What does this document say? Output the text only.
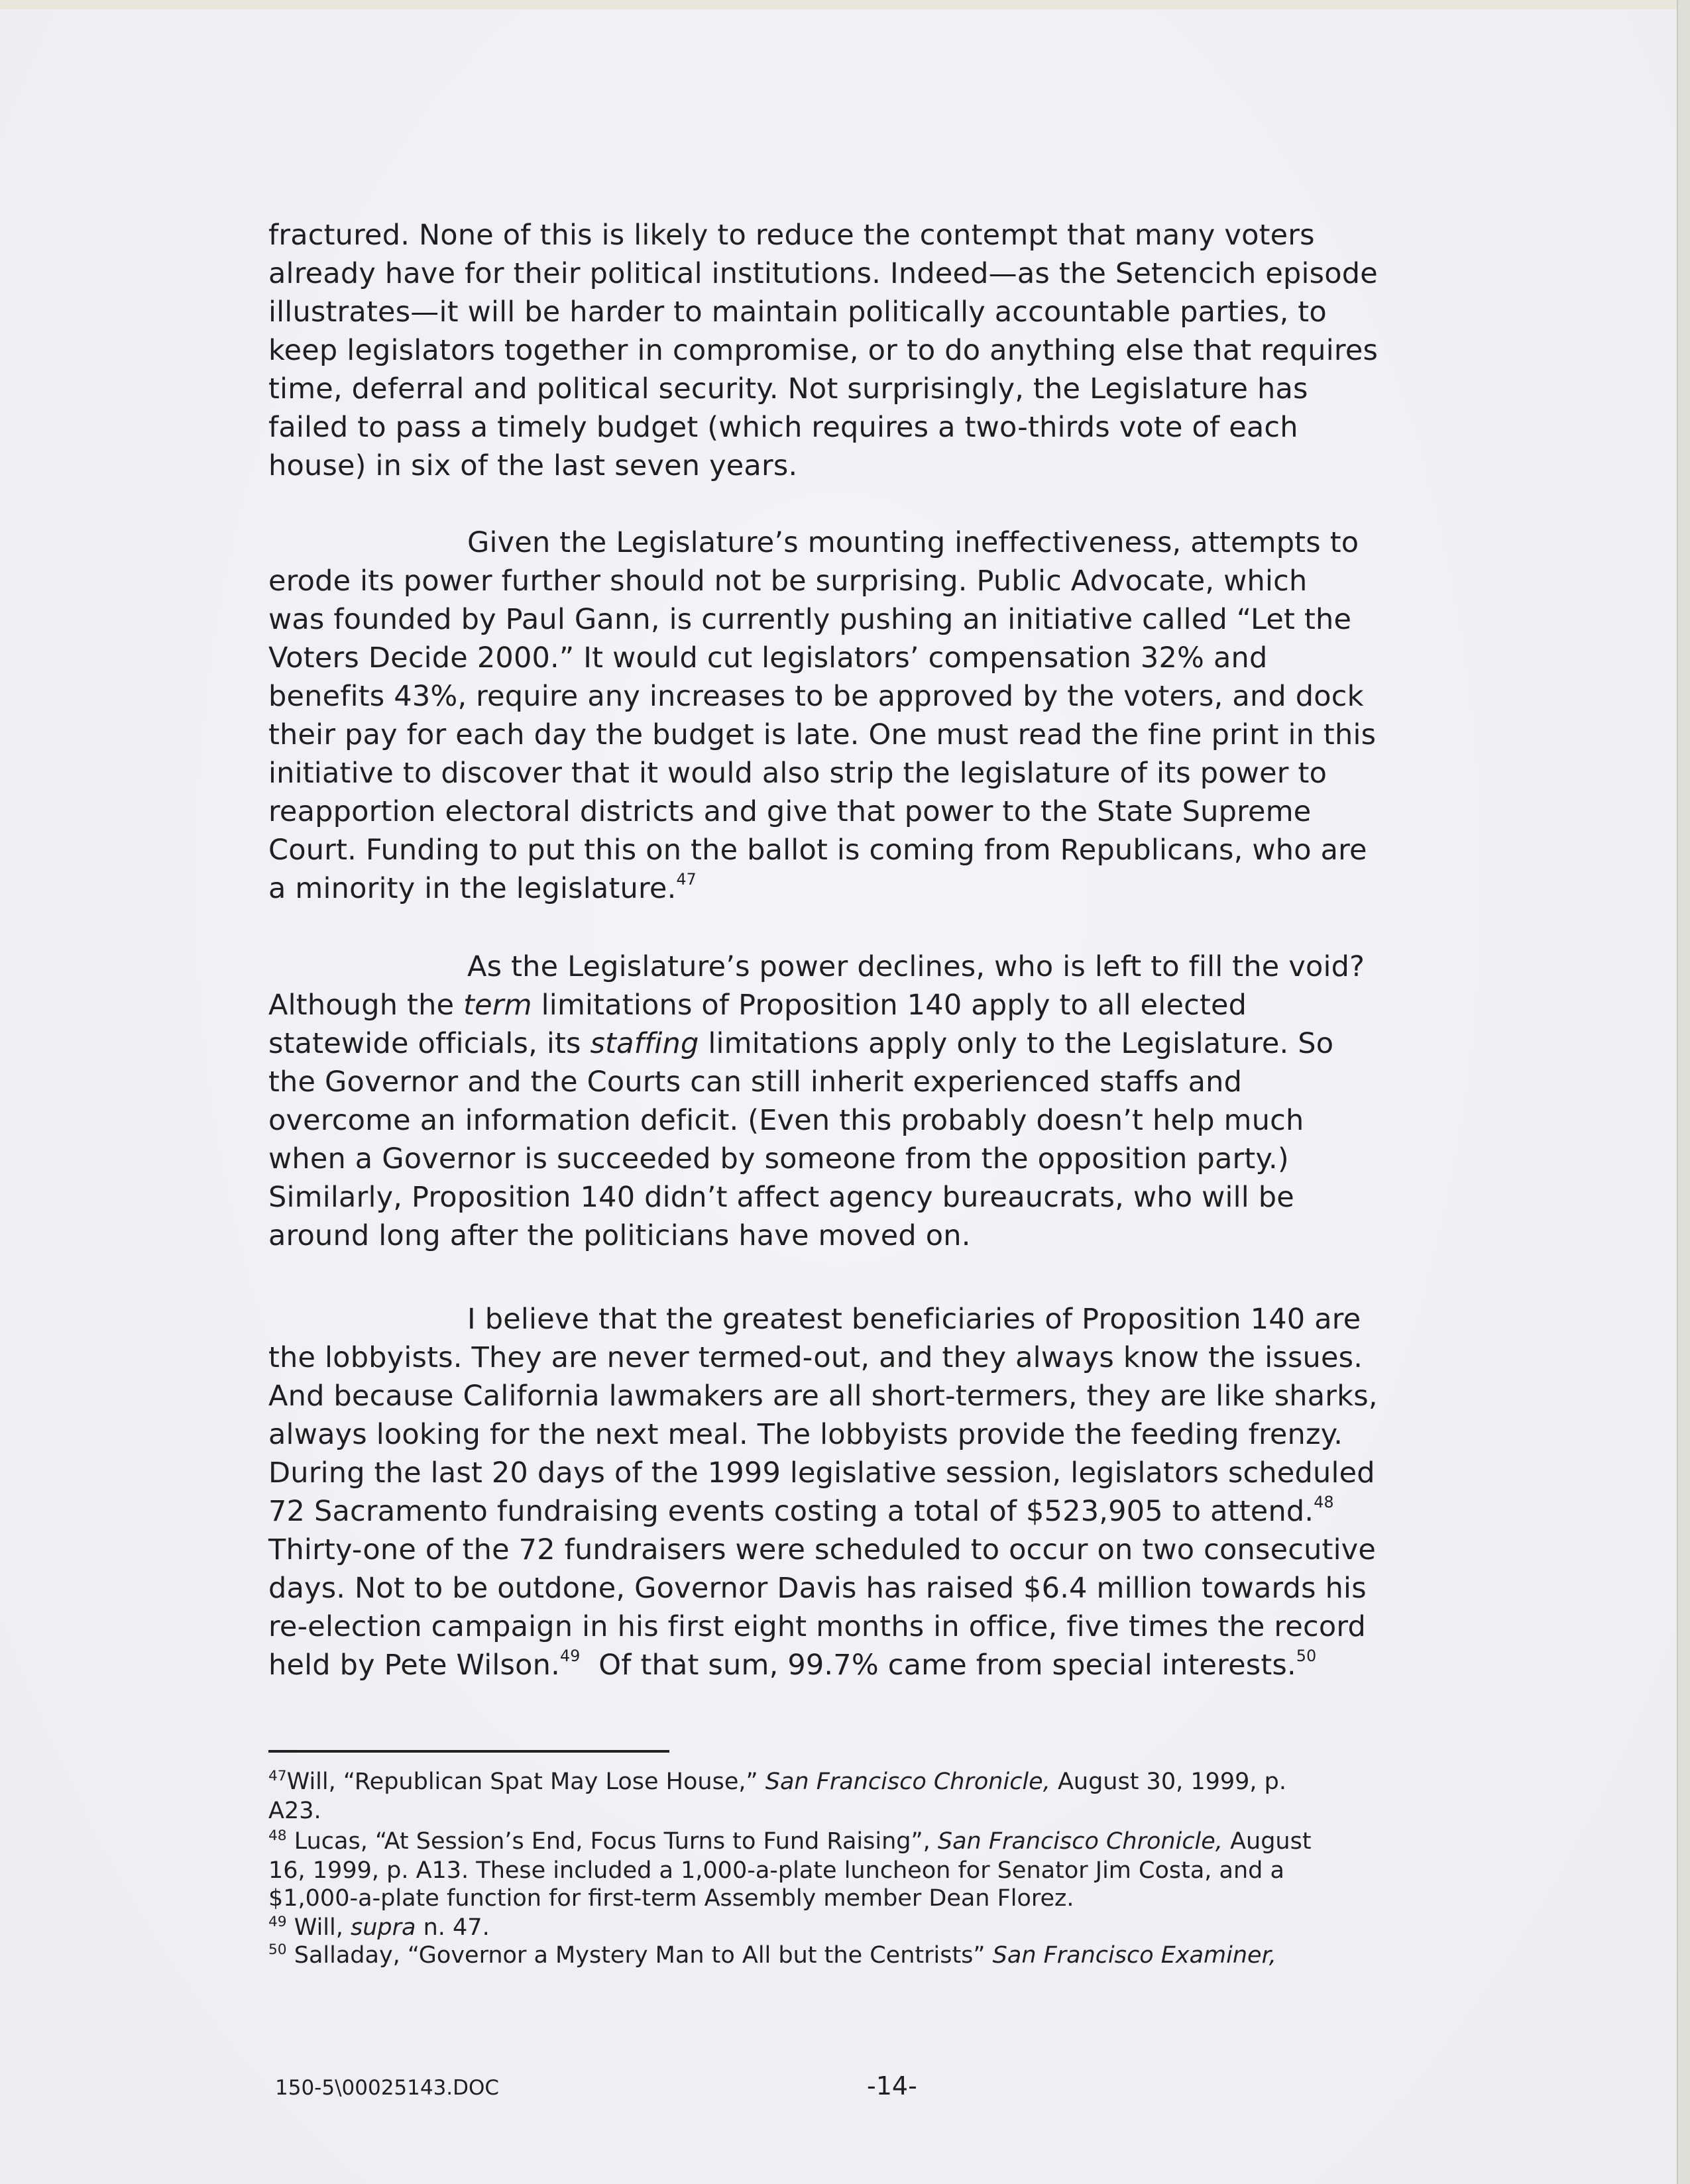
fractured. None of this is likely to reduce the contempt that many voters
already have for their political institutions. Indeed—as the Setencich episode
illustrates—it will be harder to maintain politically accountable parties, to
keep legislators together in compromise, or to do anything else that requires
time, deferral and political security. Not surprisingly, the Legislature has
failed to pass a timely budget (which requires a two-thirds vote of each
house) in six of the last seven years.
Given the Legislature’s mounting ineffectiveness, attempts to
erode its power further should not be surprising. Public Advocate, which
was founded by Paul Gann, is currently pushing an initiative called “Let the
Voters Decide 2000.” It would cut legislators’ compensation 32% and
benefits 43%, require any increases to be approved by the voters, and dock
their pay for each day the budget is late. One must read the fine print in this
initiative to discover that it would also strip the legislature of its power to
reapportion electoral districts and give that power to the State Supreme
Court. Funding to put this on the ballot is coming from Republicans, who are
a minority in the legislature.$^{47}$
As the Legislature’s power declines, who is left to fill the void?
Although the term limitations of Proposition 140 apply to all elected
statewide officials, its staffing limitations apply only to the Legislature. So
the Governor and the Courts can still inherit experienced staffs and
overcome an information deficit. (Even this probably doesn’t help much
when a Governor is succeeded by someone from the opposition party.)
Similarly, Proposition 140 didn’t affect agency bureaucrats, who will be
around long after the politicians have moved on.
I believe that the greatest beneficiaries of Proposition 140 are
the lobbyists. They are never termed-out, and they always know the issues.
And because California lawmakers are all short-termers, they are like sharks,
always looking for the next meal. The lobbyists provide the feeding frenzy.
During the last 20 days of the 1999 legislative session, legislators scheduled
72 Sacramento fundraising events costing a total of $523,905 to attend.$^{48}$
Thirty-one of the 72 fundraisers were scheduled to occur on two consecutive
days. Not to be outdone, Governor Davis has raised $6.4 million towards his
re-election campaign in his first eight months in office, five times the record
held by Pete Wilson.$^{49}$  Of that sum, 99.7% came from special interests.$^{50}$
$^{47}$Will, “Republican Spat May Lose House,” San Francisco Chronicle, August 30, 1999, p.
A23.
$^{48}$ Lucas, “At Session’s End, Focus Turns to Fund Raising”, San Francisco Chronicle, August
16, 1999, p. A13. These included a 1,000-a-plate luncheon for Senator Jim Costa, and a
$1,000-a-plate function for first-term Assembly member Dean Florez.
$^{49}$ Will, supra n. 47.
$^{50}$ Salladay, “Governor a Mystery Man to All but the Centrists” San Francisco Examiner,
150-5\00025143.DOC	-14-
